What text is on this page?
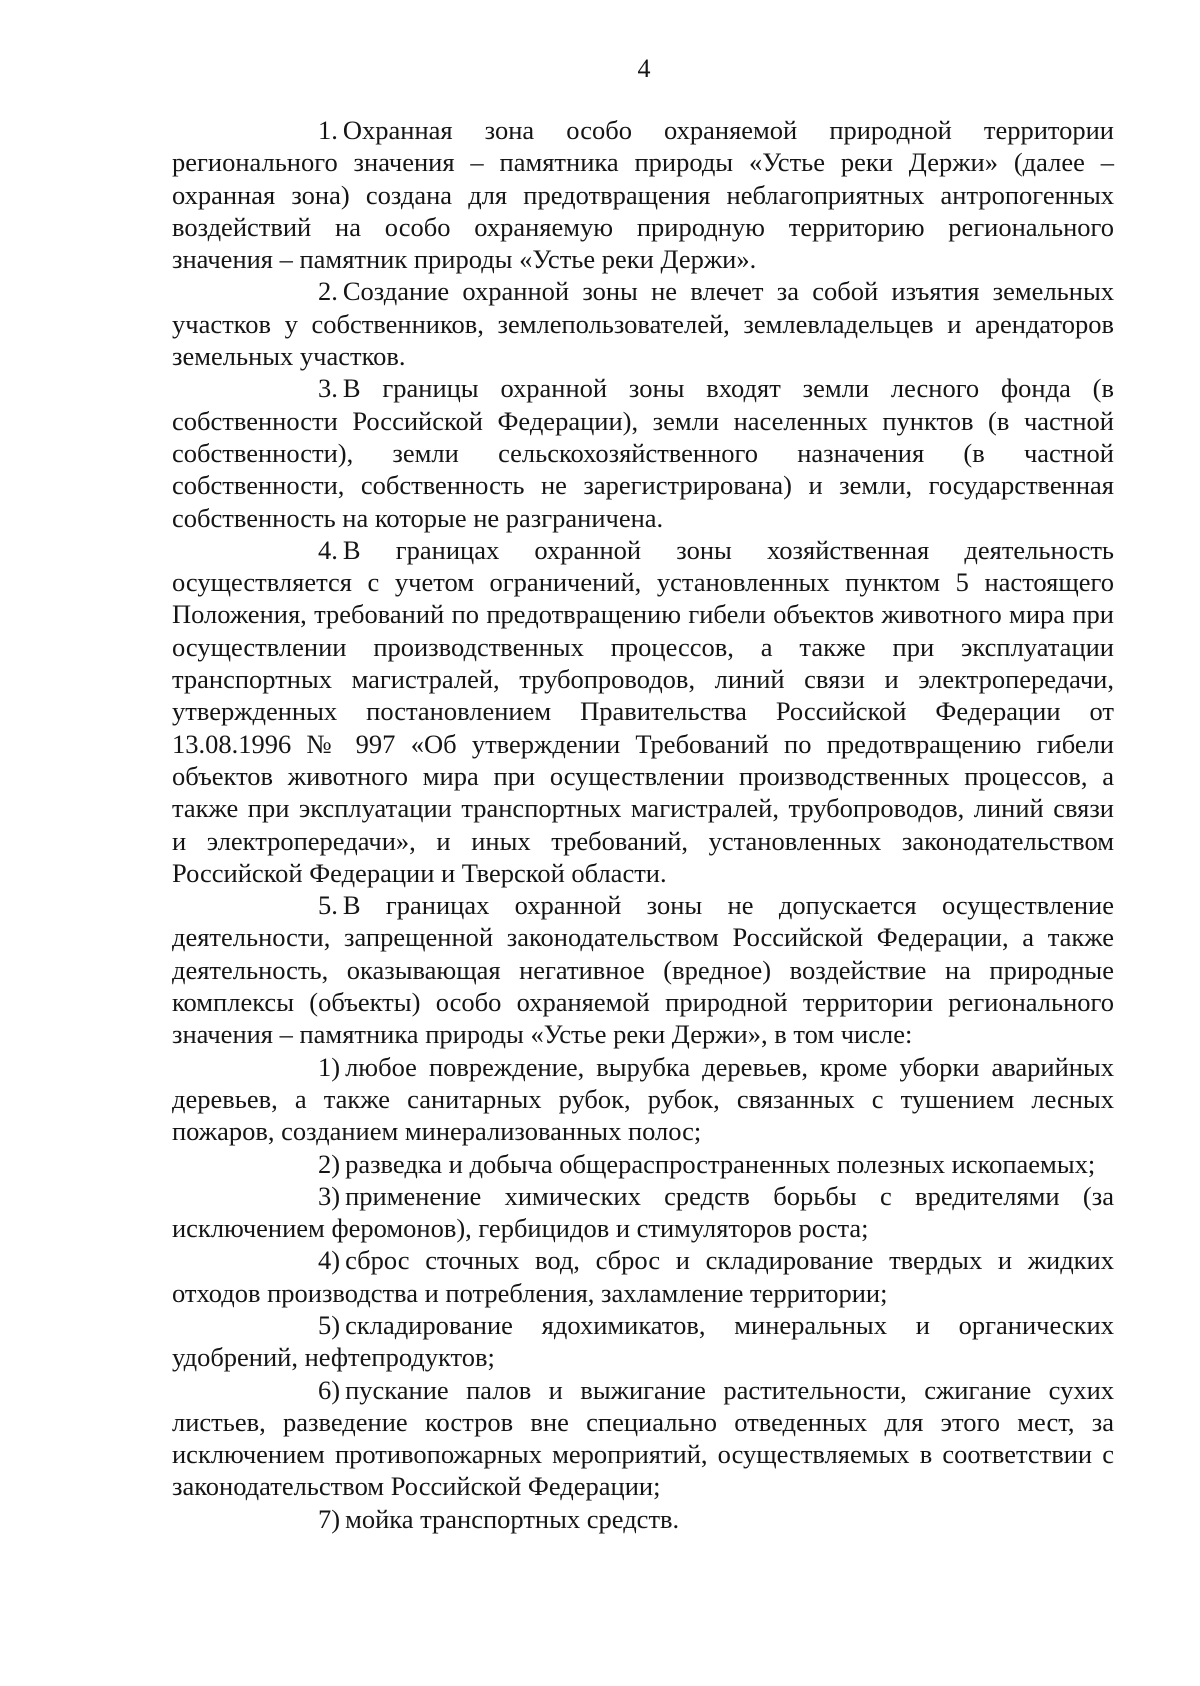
4

1. Охранная зона особо охраняемой природной территории регионального значения – памятника природы «Устье реки Держи» (далее – охранная зона) создана для предотвращения неблагоприятных антропогенных воздействий на особо охраняемую природную территорию регионального значения – памятник природы «Устье реки Держи».

2. Создание охранной зоны не влечет за собой изъятия земельных участков у собственников, землепользователей, землевладельцев и арендаторов земельных участков.

3. В границы охранной зоны входят земли лесного фонда (в собственности Российской Федерации), земли населенных пунктов (в частной собственности), земли сельскохозяйственного назначения (в частной собственности, собственность не зарегистрирована) и земли, государственная собственность на которые не разграничена.

4. В границах охранной зоны хозяйственная деятельность осуществляется с учетом ограничений, установленных пунктом 5 настоящего Положения, требований по предотвращению гибели объектов животного мира при осуществлении производственных процессов, а также при эксплуатации транспортных магистралей, трубопроводов, линий связи и электропередачи, утвержденных постановлением Правительства Российской Федерации от 13.08.1996 № 997 «Об утверждении Требований по предотвращению гибели объектов животного мира при осуществлении производственных процессов, а также при эксплуатации транспортных магистралей, трубопроводов, линий связи и электропередачи», и иных требований, установленных законодательством Российской Федерации и Тверской области.

5. В границах охранной зоны не допускается осуществление деятельности, запрещенной законодательством Российской Федерации, а также деятельность, оказывающая негативное (вредное) воздействие на природные комплексы (объекты) особо охраняемой природной территории регионального значения – памятника природы «Устье реки Держи», в том числе:

1) любое повреждение, вырубка деревьев, кроме уборки аварийных деревьев, а также санитарных рубок, рубок, связанных с тушением лесных пожаров, созданием минерализованных полос;

2) разведка и добыча общераспространенных полезных ископаемых;

3) применение химических средств борьбы с вредителями (за исключением феромонов), гербицидов и стимуляторов роста;

4) сброс сточных вод, сброс и складирование твердых и жидких отходов производства и потребления, захламление территории;

5) складирование ядохимикатов, минеральных и органических удобрений, нефтепродуктов;

6) пускание палов и выжигание растительности, сжигание сухих листьев, разведение костров вне специально отведенных для этого мест, за исключением противопожарных мероприятий, осуществляемых в соответствии с законодательством Российской Федерации;

7) мойка транспортных средств.
